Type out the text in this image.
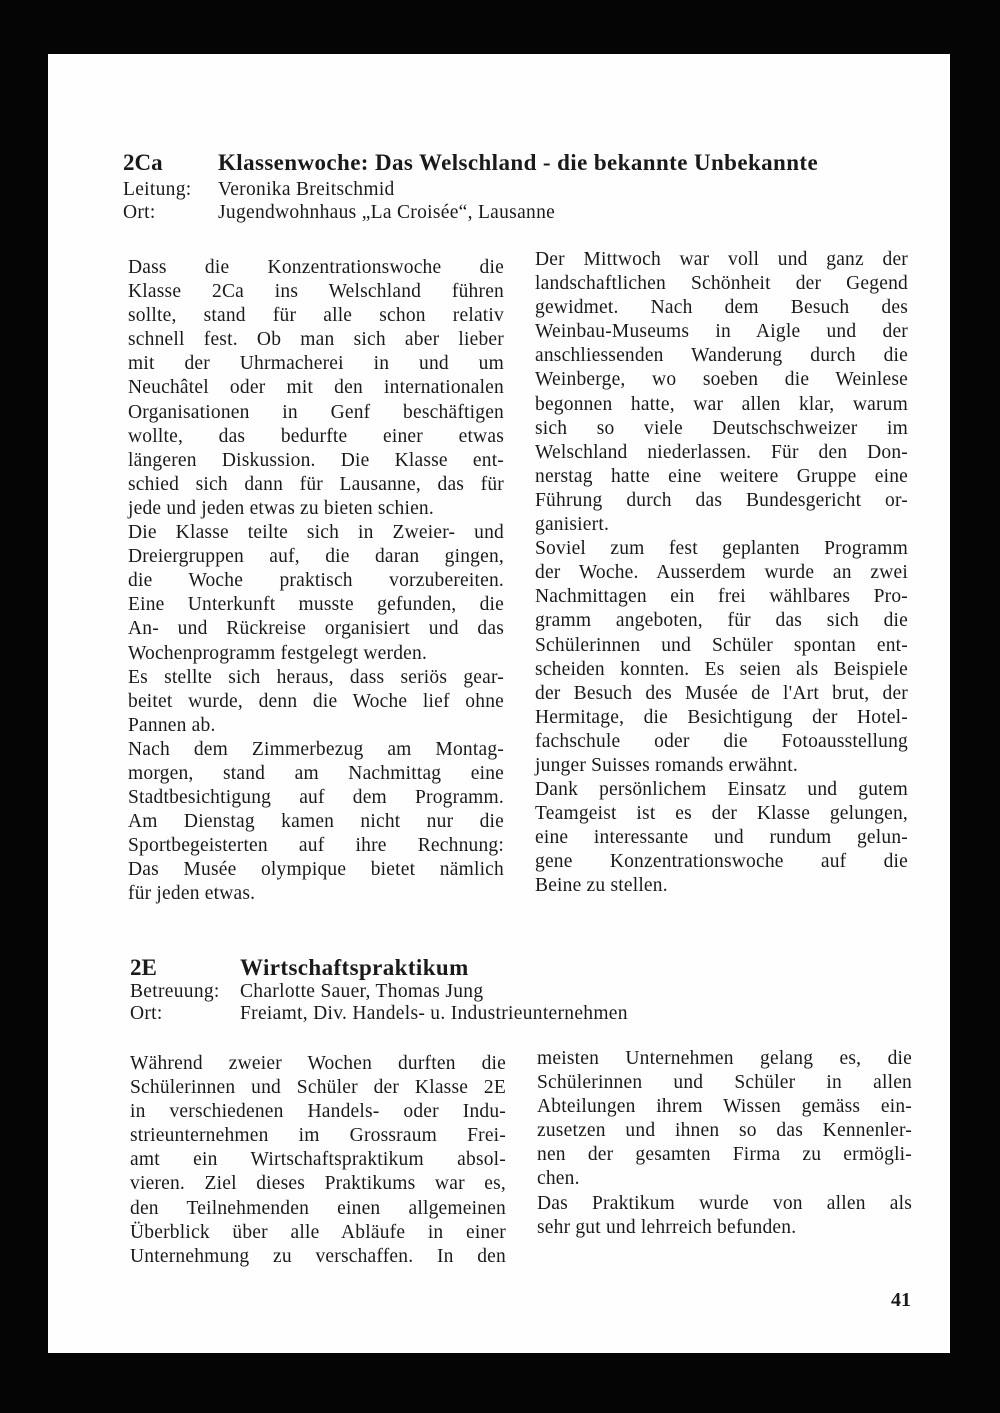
2Ca Klassenwoche: Das Welschland - die bekannte Unbekannte
Leitung: Veronika Breitschmid
Ort:	Jugendwohnhaus „La Croisée“, Lausanne
Dass die Konzentrationswoche die
Klasse 2Ca ins Welschland führen
sollte, stand für alle schon relativ
schnell fest. Ob man sich aber lieber
mit der Uhrmacherei in und um
Neuchâtel oder mit den internationalen
Organisationen in Genf beschäftigen
wollte, das bedurfte einer etwas
längeren Diskussion. Die Klasse ent-
schied sich dann für Lausanne, das für
jede und jeden etwas zu bieten schien.
Die Klasse teilte sich in Zweier- und
Dreiergruppen auf, die daran gingen,
die Woche praktisch vorzubereiten.
Eine Unterkunft musste gefunden, die
An- und Rückreise organisiert und das
Wochenprogramm festgelegt werden.
Es stellte sich heraus, dass seriös gear-
beitet wurde, denn die Woche lief ohne
Pannen ab.
Nach dem Zimmerbezug am Montag-
morgen, stand am Nachmittag eine
Stadtbesichtigung auf dem Programm.
Am Dienstag kamen nicht nur die
Sportbegeisterten auf ihre Rechnung:
Das Musée olympique bietet nämlich
für jeden etwas.
Der Mittwoch war voll und ganz der
landschaftlichen Schönheit der Gegend
gewidmet. Nach dem Besuch des
Weinbau-Museums in Aigle und der
anschliessenden Wanderung durch die
Weinberge, wo soeben die Weinlese
begonnen hatte, war allen klar, warum
sich so viele Deutschschweizer im
Welschland niederlassen. Für den Don-
nerstag hatte eine weitere Gruppe eine
Führung durch das Bundesgericht or-
ganisiert.
Soviel zum fest geplanten Programm
der Woche. Ausserdem wurde an zwei
Nachmittagen ein frei wählbares Pro-
gramm angeboten, für das sich die
Schülerinnen und Schüler spontan ent-
scheiden konnten. Es seien als Beispiele
der Besuch des Musée de l'Art brut, der
Hermitage, die Besichtigung der Hotel-
fachschule oder die Fotoausstellung
junger Suisses romands erwähnt.
Dank persönlichem Einsatz und gutem
Teamgeist ist es der Klasse gelungen,
eine interessante und rundum gelun-
gene Konzentrationswoche auf die
Beine zu stellen.
2E	Wirtschaftspraktikum
Betreuung: Charlotte Sauer, Thomas Jung
Ort:	Freiamt, Div. Handels- u. Industrieunternehmen
Während zweier Wochen durften die
Schülerinnen und Schüler der Klasse 2E
in verschiedenen Handels- oder Indu-
strieunternehmen im Grossraum Frei-
amt ein Wirtschaftspraktikum absol-
vieren. Ziel dieses Praktikums war es,
den Teilnehmenden einen allgemeinen
Überblick über alle Abläufe in einer
Unternehmung zu verschaffen. In den
meisten Unternehmen gelang es, die
Schülerinnen und Schüler in allen
Abteilungen ihrem Wissen gemäss ein-
zusetzen und ihnen so das Kennenler-
nen der gesamten Firma zu ermögli-
chen.
Das Praktikum wurde von allen als
sehr gut und lehrreich befunden.
41
